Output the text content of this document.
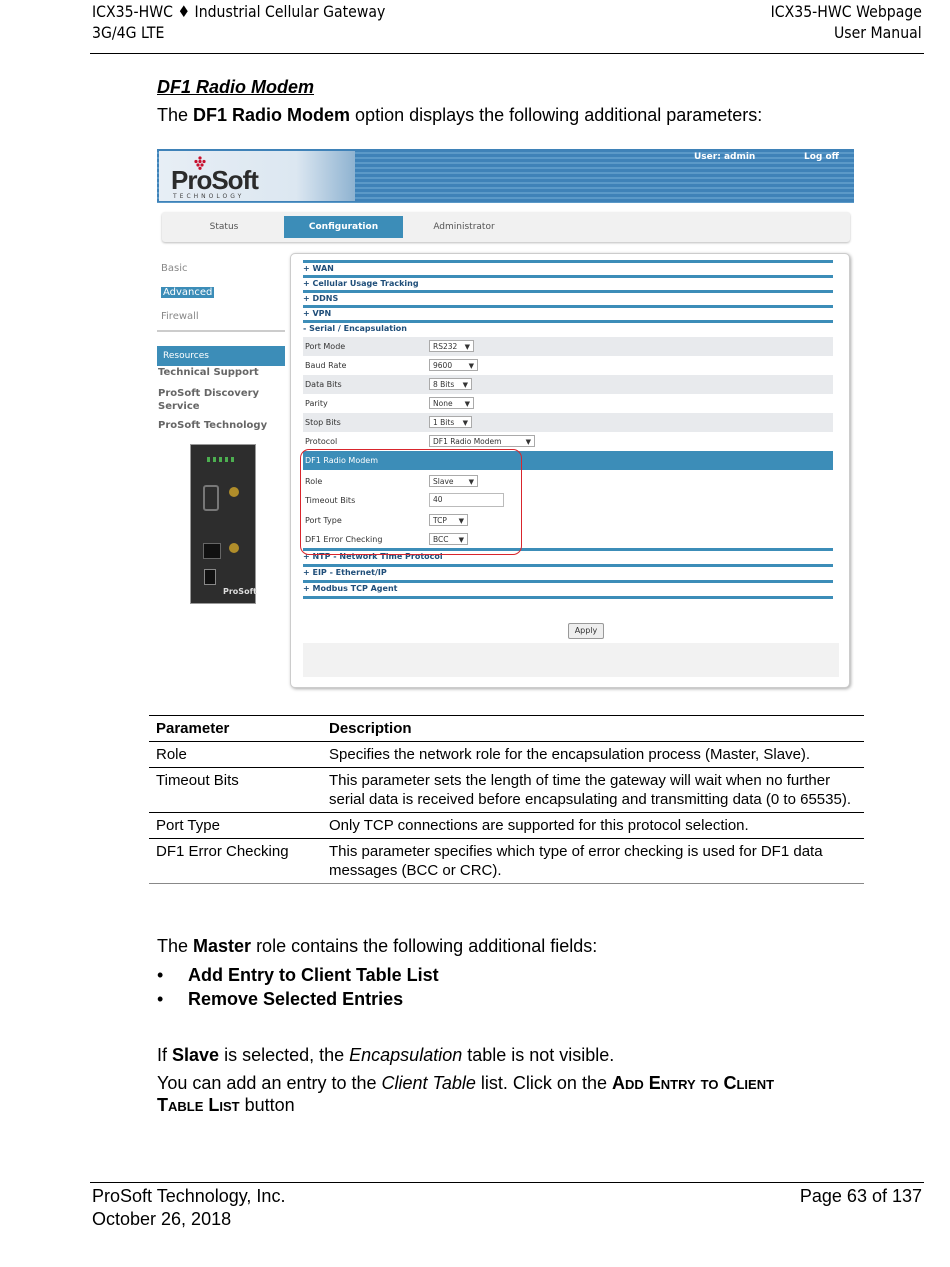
ICX35-HWC ♦ Industrial Cellular Gateway
3G/4G LTE
ICX35-HWC Webpage
User Manual
DF1 Radio Modem
The DF1 Radio Modem option displays the following additional parameters:
ProSoft
TECHNOLOGY
User: admin	Log off
Status	Configuration	Administrator
Basic
Advanced
Firewall
Resources
Technical Support
ProSoft Discovery Service
ProSoft Technology
ProSoft
+ WAN
+ Cellular Usage Tracking
+ DDNS
+ VPN
- Serial / Encapsulation
Port Mode	RS232 ▼
Baud Rate	9600 ▼
Data Bits	8 Bits ▼
Parity	None ▼
Stop Bits	1 Bits ▼
Protocol	DF1 Radio Modem	▼
DF1 Radio Modem
Role	Slave ▼
Timeout Bits	40
Port Type	TCP ▼
DF1 Error Checking	BCC ▼
+ NTP - Network Time Protocol
+ EIP - Ethernet/IP
+ Modbus TCP Agent
Apply
Parameter	Description
Role	Specifies the network role for the encapsulation process (Master, Slave).
Timeout Bits	This parameter sets the length of time the gateway will wait when no further serial data is received before encapsulating and transmitting data (0 to 65535).
Port Type	Only TCP connections are supported for this protocol selection.
DF1 Error Checking	This parameter specifies which type of error checking is used for DF1 data messages (BCC or CRC).
The Master role contains the following additional fields:
• Add Entry to Client Table List
• Remove Selected Entries
If Slave is selected, the Encapsulation table is not visible.
You can add an entry to the Client Table list. Click on the Add Entry to Client
Table List button
ProSoft Technology, Inc.
October 26, 2018
Page 63 of 137
